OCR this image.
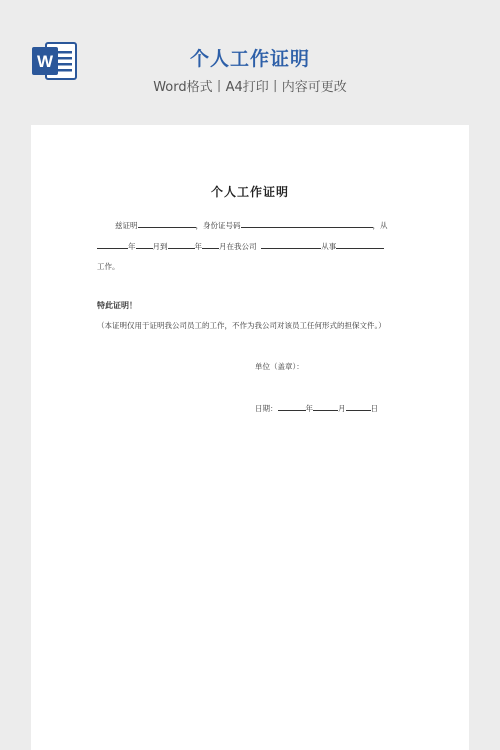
W	个人工作证明
Word格式丨A4打印丨内容可更改
个人工作证明
兹证明	，身份证号码	，从
年 月到	年 月在我公司	从事
工作。
特此证明！
（本证明仅用于证明我公司员工的工作，不作为我公司对该员工任何形式的担保文件。）
单位（盖章）：
日期：	年	月	日
